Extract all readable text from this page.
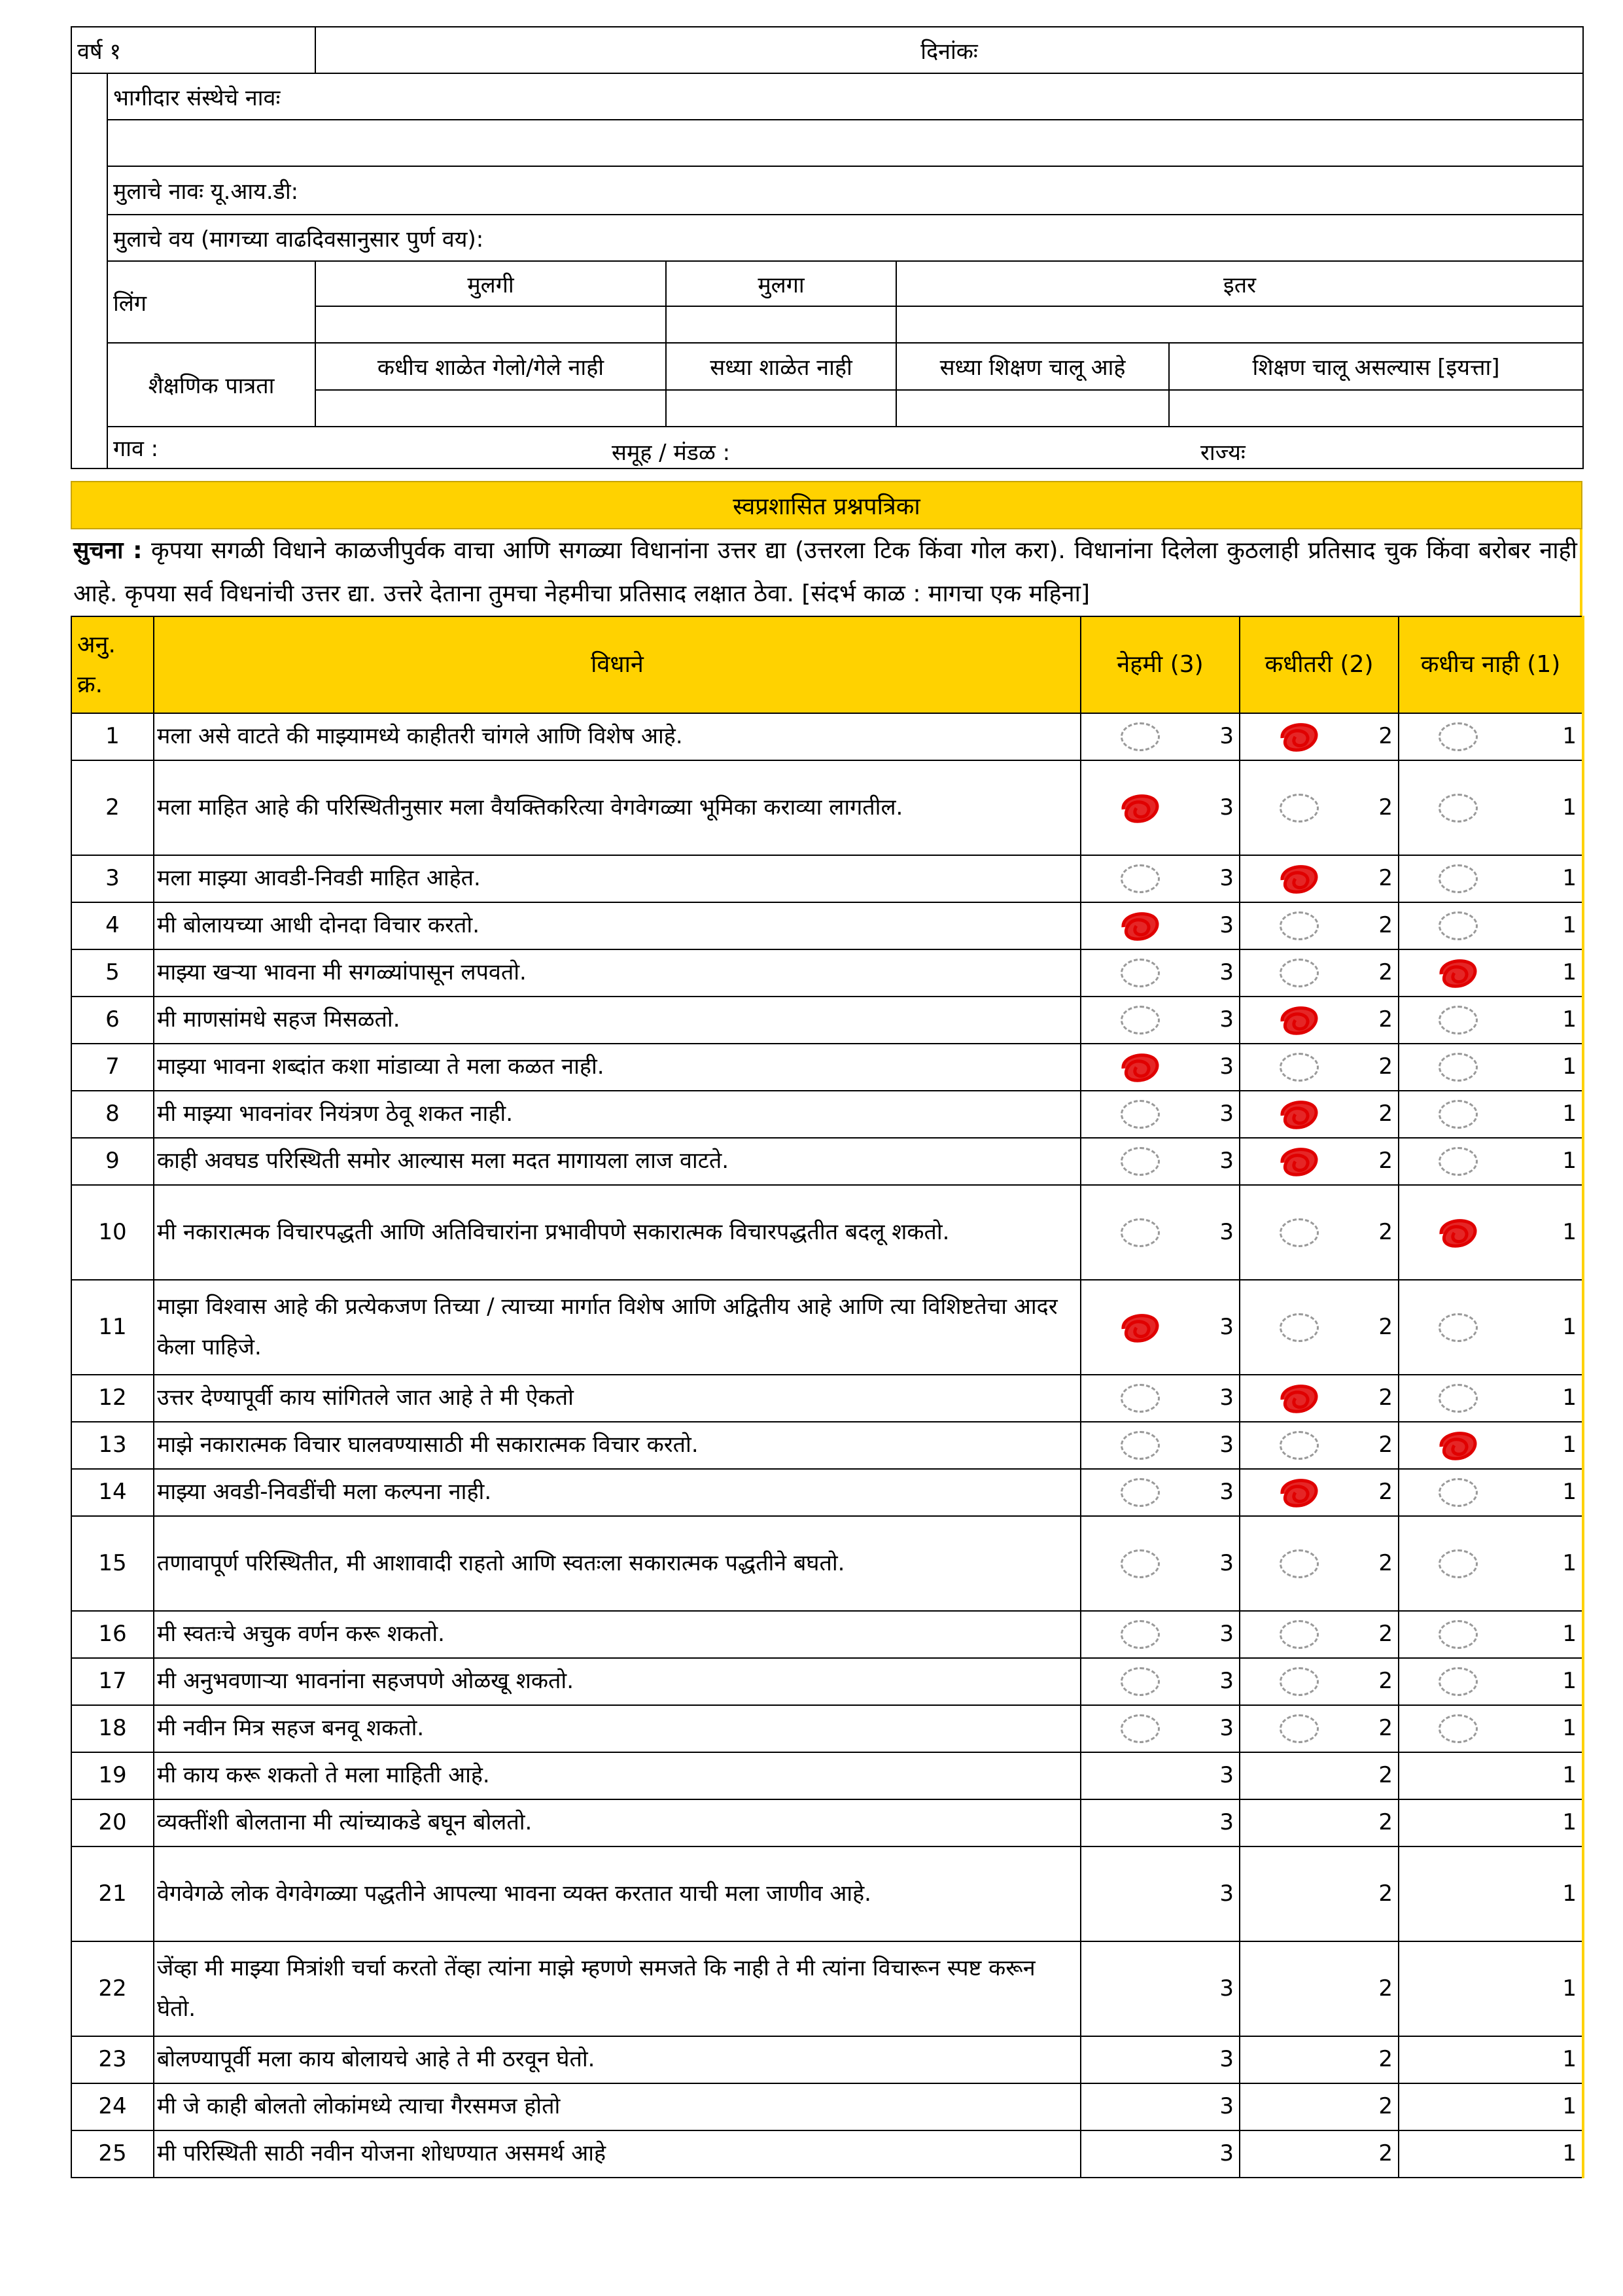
वर्ष १		दिनांकः			
	भागीदार संस्थेचे नावः				

	मुलाचे नावः यू.आय.डी:				
	मुलाचे वय (मागच्या वाढदिवसानुसार पुर्ण वय):				
	लिंग	मुलगी	मुलगा	इतर	

	शैक्षणिक पात्रता	कधीच शाळेत गेलो/गेले नाही	सध्या शाळेत नाही	सध्या शिक्षण चालू आहे	शिक्षण चालू असल्यास [इयत्ता]

	गाव : समूह / मंडळ : राज्यः				
स्वप्रशासित प्रश्नपत्रिका
सुचना : कृपया सगळी विधाने काळजीपुर्वक वाचा आणि सगळ्या विधानांना उत्तर द्या (उत्तरला टिक किंवा गोल करा). विधानांना दिलेला कुठलाही प्रतिसाद चुक किंवा बरोबर नाही आहे. कृपया सर्व विधनांची उत्तर द्या. उत्तरे देताना तुमचा नेहमीचा प्रतिसाद लक्षात ठेवा. [संदर्भ काळ : मागचा एक महिना]
अनु. क्र.	विधाने	नेहमी (3)	कधीतरी (2)	कधीच नाही (1)
1	मला असे वाटते की माझ्यामध्ये काहीतरी चांगले आणि विशेष आहे.	3	2	1
2	मला माहित आहे की परिस्थितीनुसार मला वैयक्तिकरित्या वेगवेगळ्या भूमिका कराव्या लागतील.	3	2	1
3	मला माझ्या आवडी-निवडी माहित आहेत.	3	2	1
4	मी बोलायच्या आधी दोनदा विचार करतो.	3	2	1
5	माझ्या खऱ्या भावना मी सगळ्यांपासून लपवतो.	3	2	1
6	मी माणसांमधे सहज मिसळतो.	3	2	1
7	माझ्या भावना शब्दांत कशा मांडाव्या ते मला कळत नाही.	3	2	1
8	मी माझ्या भावनांवर नियंत्रण ठेवू शकत नाही.	3	2	1
9	काही अवघड परिस्थिती समोर आल्यास मला मदत मागायला लाज वाटते.	3	2	1
10	मी नकारात्मक विचारपद्धती आणि अतिविचारांना प्रभावीपणे सकारात्मक विचारपद्धतीत बदलू शकतो.	3	2	1
11	माझा विश्वास आहे की प्रत्येकजण तिच्या / त्याच्या मार्गात विशेष आणि अद्वितीय आहे आणि त्या विशिष्टतेचा आदर केला पाहिजे.	3	2	1
12	उत्तर देण्यापूर्वी काय सांगितले जात आहे ते मी ऐकतो	3	2	1
13	माझे नकारात्मक विचार घालवण्यासाठी मी सकारात्मक विचार करतो.	3	2	1
14	माझ्या अवडी-निवडींची मला कल्पना नाही.	3	2	1
15	तणावापूर्ण परिस्थितीत, मी आशावादी राहतो आणि स्वतःला सकारात्मक पद्धतीने बघतो.	3	2	1
16	मी स्वतःचे अचुक वर्णन करू शकतो.	3	2	1
17	मी अनुभवणाऱ्या भावनांना सहजपणे ओळखू शकतो.	3	2	1
18	मी नवीन मित्र सहज बनवू शकतो.	3	2	1
19	मी काय करू शकतो ते मला माहिती आहे.	3	2	1
20	व्यक्तींशी बोलताना मी त्यांच्याकडे बघून बोलतो.	3	2	1
21	वेगवेगळे लोक वेगवेगळ्या पद्धतीने आपल्या भावना व्यक्त करतात याची मला जाणीव आहे.	3	2	1
22	जेंव्हा मी माझ्या मित्रांशी चर्चा करतो तेंव्हा त्यांना माझे म्हणणे समजते कि नाही ते मी त्यांना विचारून स्पष्ट करून घेतो.	3	2	1
23	बोलण्यापूर्वी मला काय बोलायचे आहे ते मी ठरवून घेतो.	3	2	1
24	मी जे काही बोलतो लोकांमध्ये त्याचा गैरसमज होतो	3	2	1
25	मी परिस्थिती साठी नवीन योजना शोधण्यात असमर्थ आहे	3	2	1
